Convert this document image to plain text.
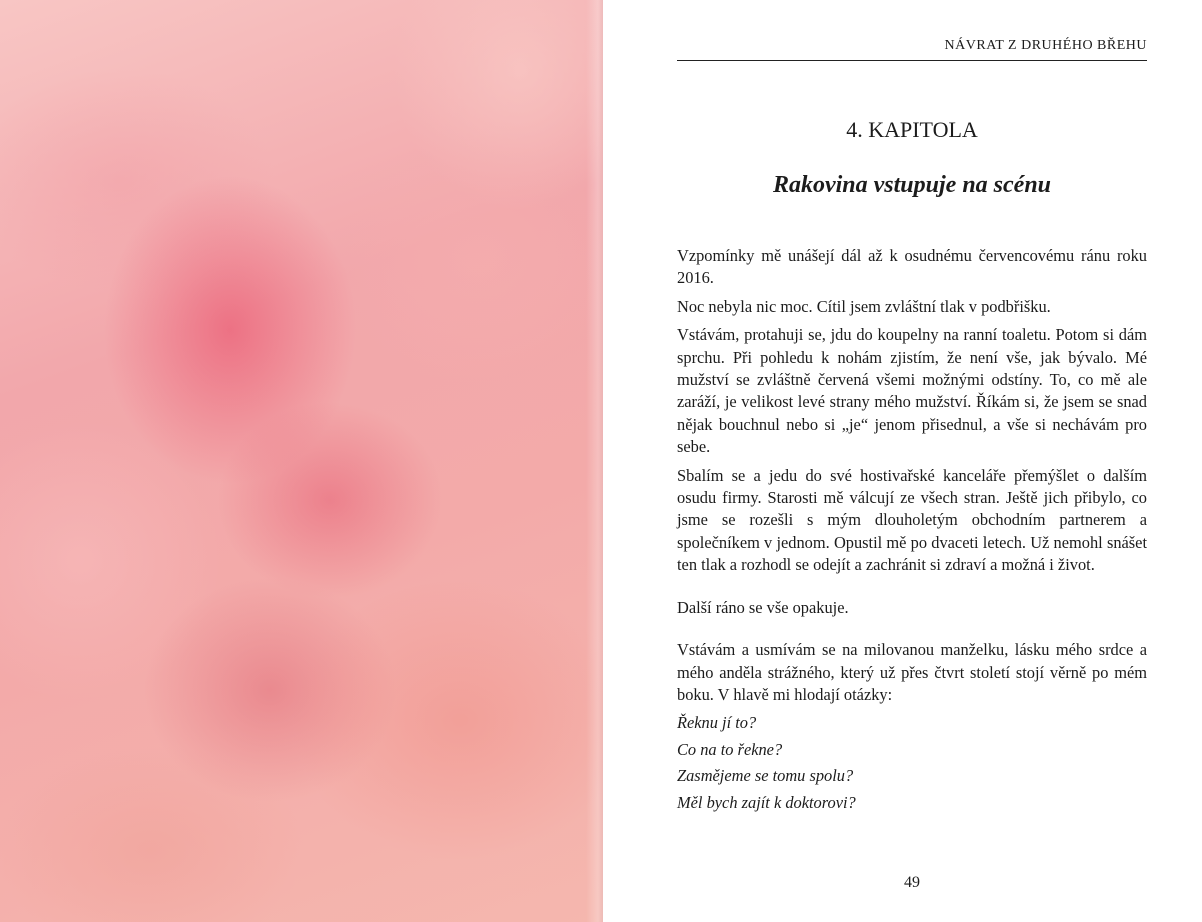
NÁVRAT Z DRUHÉHO BŘEHU
4. KAPITOLA
Rakovina vstupuje na scénu

Vzpomínky mě unášejí dál až k osudnému červencovému ránu roku 2016.

Noc nebyla nic moc. Cítil jsem zvláštní tlak v podbřišku.

Vstávám, protahuji se, jdu do koupelny na ranní toaletu. Potom si dám sprchu. Při pohledu k nohám zjistím, že není vše, jak bývalo. Mé mužství se zvláštně červená všemi možnými odstíny. To, co mě ale zaráží, je velikost levé strany mého mužství. Říkám si, že jsem se snad nějak bouchnul nebo si „je“ jenom přisednul, a vše si nechávám pro sebe.

Sbalím se a jedu do své hostivařské kanceláře přemýšlet o dalším osudu firmy. Starosti mě válcují ze všech stran. Ještě jich přibylo, co jsme se rozešli s mým dlouholetým obchodním partnerem a společníkem v jednom. Opustil mě po dvaceti letech. Už nemohl snášet ten tlak a rozhodl se odejít a zachránit si zdraví a možná i život.

Další ráno se vše opakuje.

Vstávám a usmívám se na milovanou manželku, lásku mého srdce a mého anděla strážného, který už přes čtvrt století stojí věrně po mém boku. V hlavě mi hlodají otázky:

Řeknu jí to?

Co na to řekne?

Zasmějeme se tomu spolu?

Měl bych zajít k doktorovi?

49
